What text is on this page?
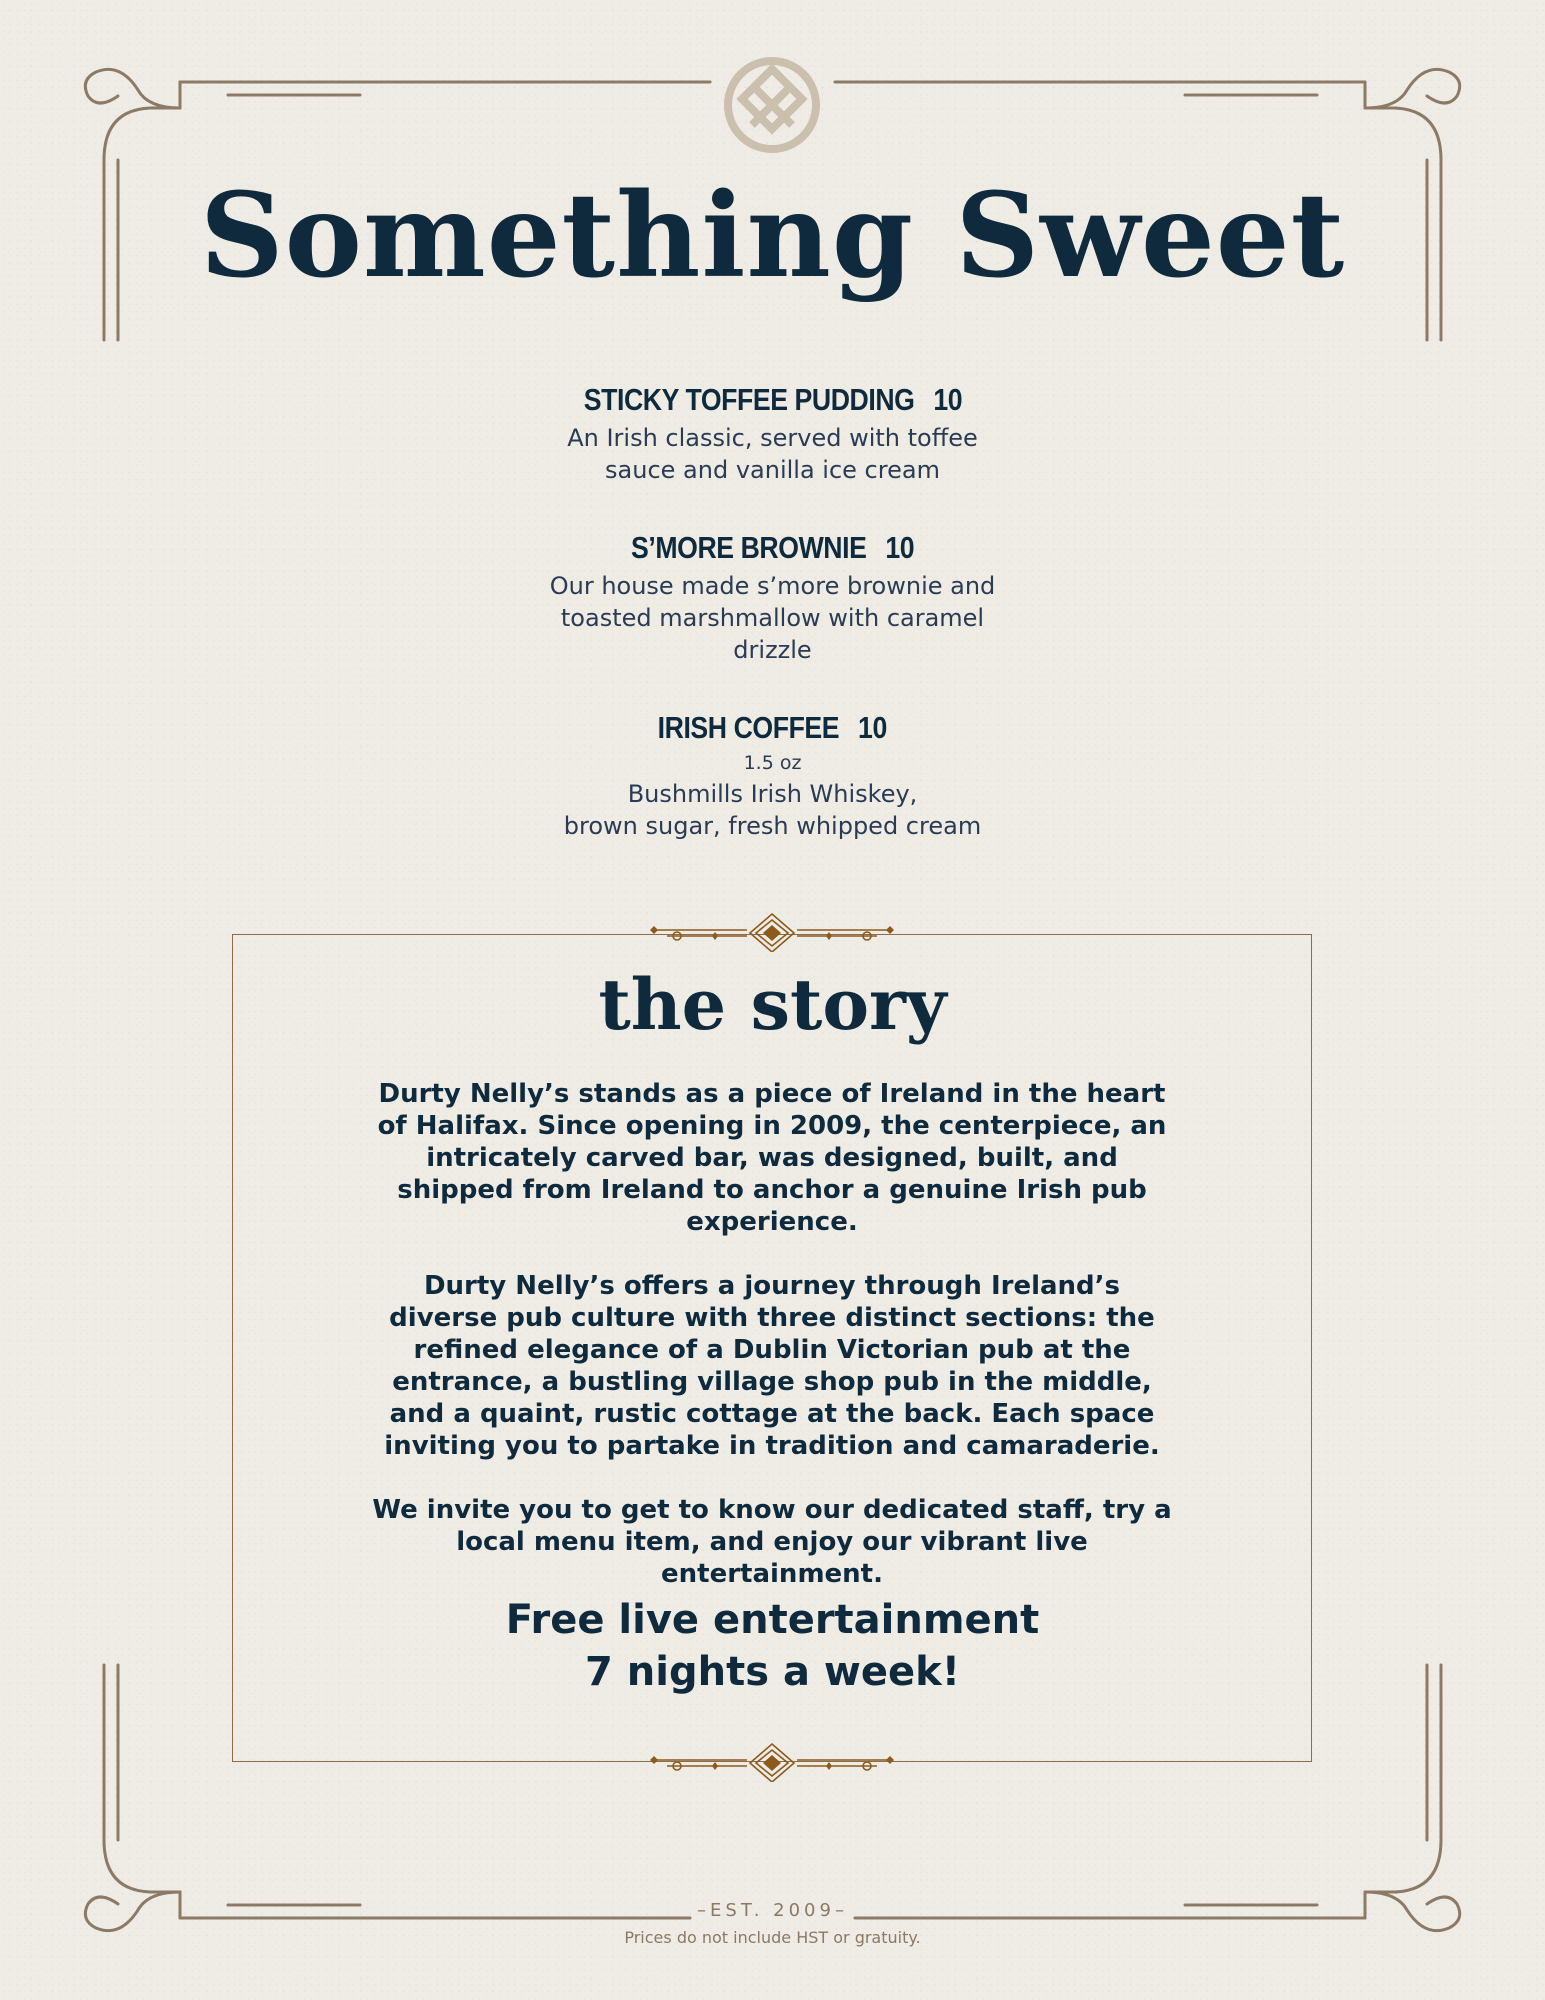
Something Sweet
STICKY TOFFEE PUDDING 10
An Irish classic, served with toffee
sauce and vanilla ice cream
S’MORE BROWNIE 10
Our house made s’more brownie and
toasted marshmallow with caramel
drizzle
IRISH COFFEE 10
1.5 oz
Bushmills Irish Whiskey,
brown sugar, fresh whipped cream
the story

Durty Nelly’s stands as a piece of Ireland in the heart of Halifax. Since opening in 2009, the centerpiece, an intricately carved bar, was designed, built, and shipped from Ireland to anchor a genuine Irish pub experience.

Durty Nelly’s offers a journey through Ireland’s diverse pub culture with three distinct sections: the refined elegance of a Dublin Victorian pub at the entrance, a bustling village shop pub in the middle, and a quaint, rustic cottage at the back. Each space inviting you to partake in tradition and camaraderie.

We invite you to get to know our dedicated staff, try a local menu item, and enjoy our vibrant live entertainment.

Free live entertainment
7 nights a week!
–EST. 2009–
Prices do not include HST or gratuity.
